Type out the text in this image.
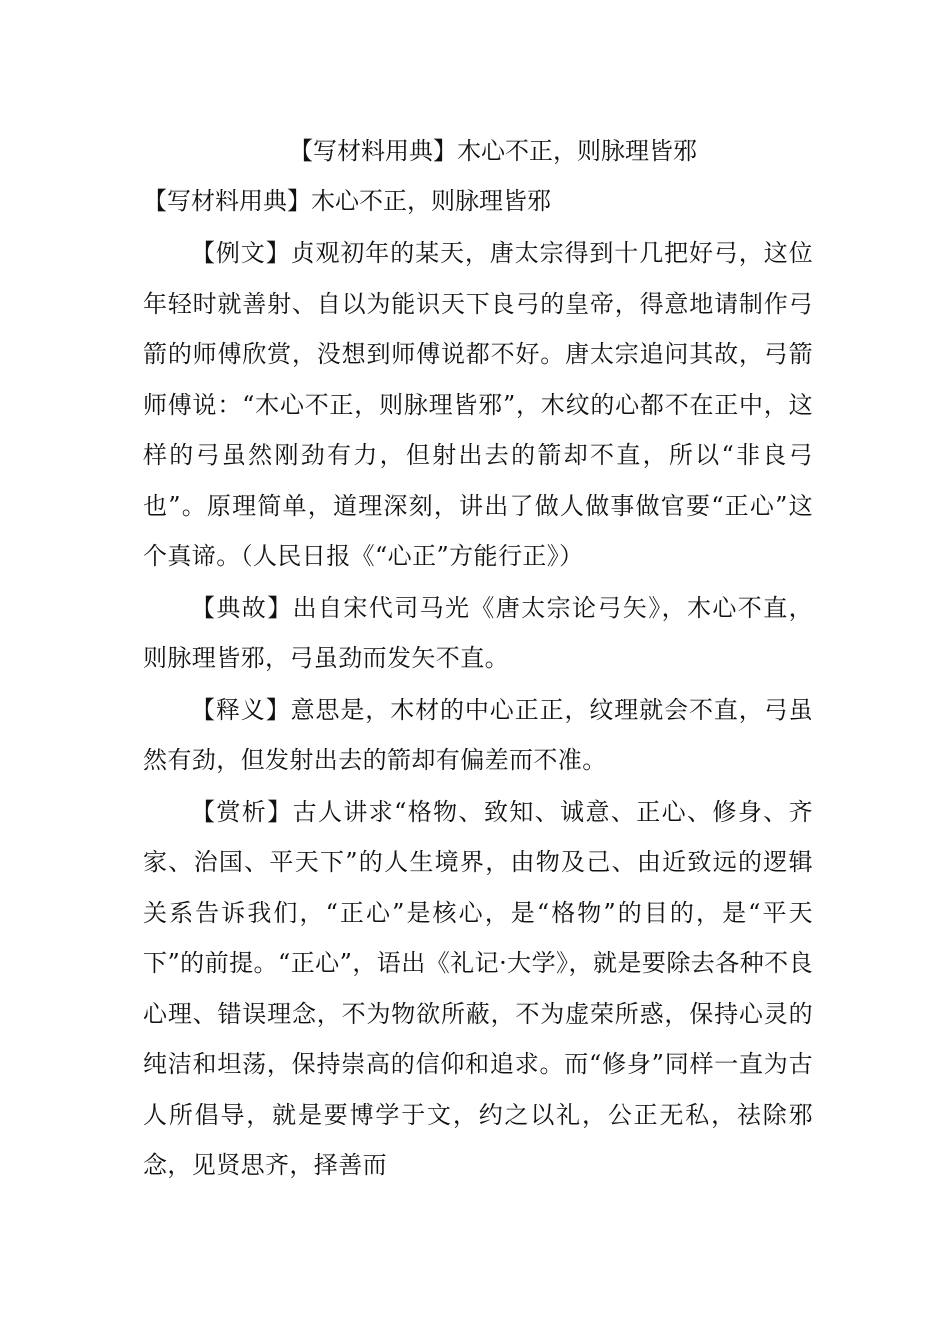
【写材料用典】木心不正，则脉理皆邪
【写材料用典】木心不正，则脉理皆邪

【例文】贞观初年的某天，唐太宗得到十几把好弓，这位年轻时就善射、自以为能识天下良弓的皇帝，得意地请制作弓箭的师傅欣赏，没想到师傅说都不好。唐太宗追问其故，弓箭师傅说：“木心不正，则脉理皆邪”，木纹的心都不在正中，这样的弓虽然刚劲有力，但射出去的箭却不直，所以“非良弓也”。原理简单，道理深刻，讲出了做人做事做官要“正心”这个真谛。（人民日报《“心正”方能行正》）

【典故】出自宋代司马光《唐太宗论弓矢》，木心不直，则脉理皆邪，弓虽劲而发矢不直。

【释义】意思是，木材的中心正正，纹理就会不直，弓虽然有劲，但发射出去的箭却有偏差而不准。

【赏析】古人讲求“格物、致知、诚意、正心、修身、齐家、治国、平天下”的人生境界，由物及己、由近致远的逻辑关系告诉我们，“正心”是核心，是“格物”的目的，是“平天下”的前提。“正心”，语出《礼记·大学》，就是要除去各种不良心理、错误理念，不为物欲所蔽，不为虚荣所惑，保持心灵的纯洁和坦荡，保持崇高的信仰和追求。而“修身”同样一直为古人所倡导，就是要博学于文，约之以礼，公正无私，祛除邪念，见贤思齐，择善而
